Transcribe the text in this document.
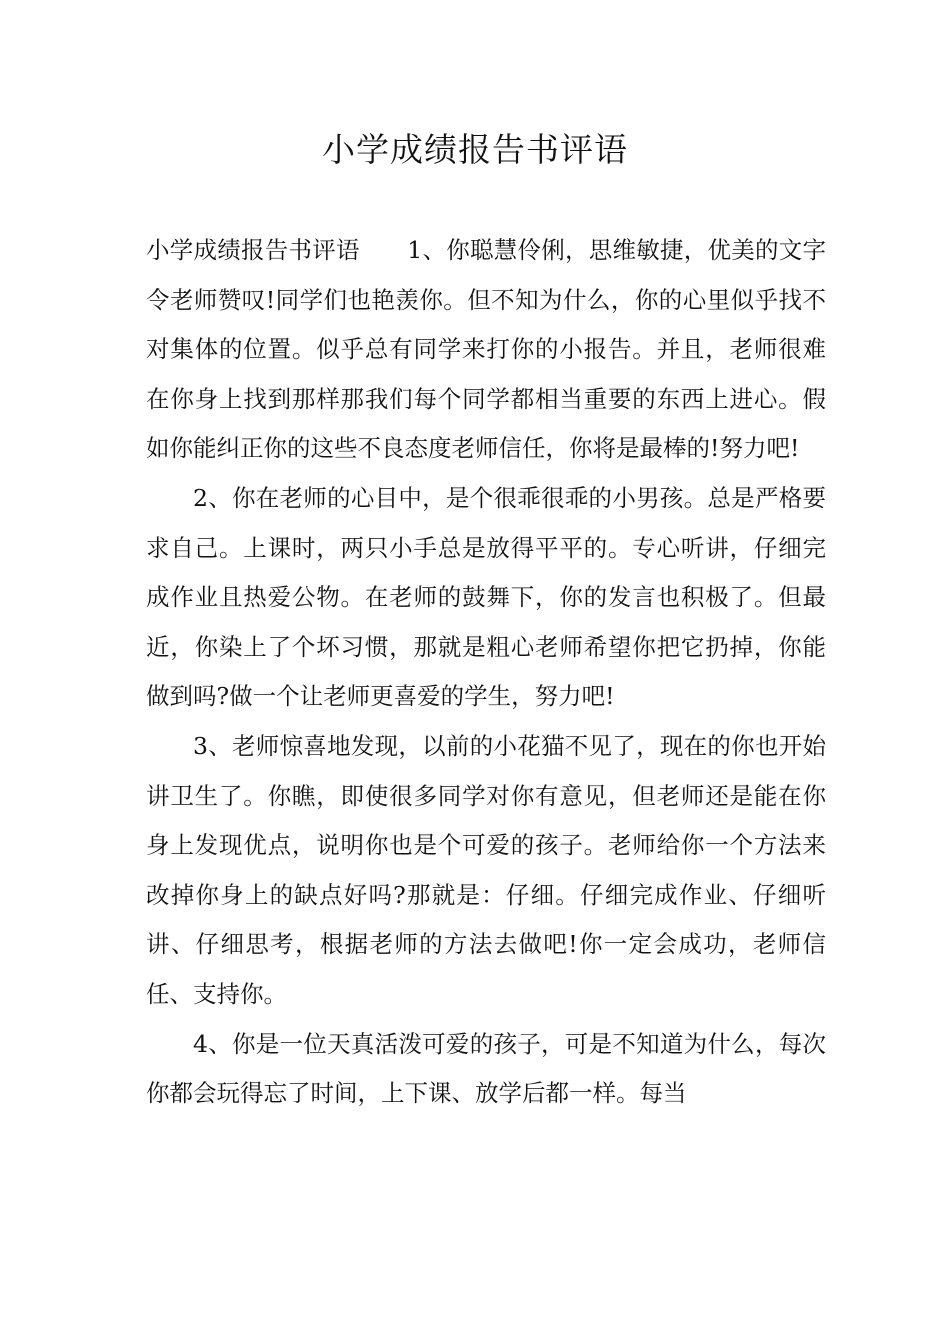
小学成绩报告书评语

小学成绩报告书评语　　1、你聪慧伶俐，思维敏捷，优美的文字令老师赞叹!同学们也艳羡你。但不知为什么，你的心里似乎找不对集体的位置。似乎总有同学来打你的小报告。并且，老师很难在你身上找到那样那我们每个同学都相当重要的东西上进心。假如你能纠正你的这些不良态度老师信任，你将是最棒的!努力吧!

2、你在老师的心目中，是个很乖很乖的小男孩。总是严格要求自己。上课时，两只小手总是放得平平的。专心听讲，仔细完成作业且热爱公物。在老师的鼓舞下，你的发言也积极了。但最近，你染上了个坏习惯，那就是粗心老师希望你把它扔掉，你能做到吗?做一个让老师更喜爱的学生，努力吧!

3、老师惊喜地发现，以前的小花猫不见了，现在的你也开始讲卫生了。你瞧，即使很多同学对你有意见，但老师还是能在你身上发现优点，说明你也是个可爱的孩子。老师给你一个方法来改掉你身上的缺点好吗?那就是：仔细。仔细完成作业、仔细听讲、仔细思考，根据老师的方法去做吧!你一定会成功，老师信任、支持你。

4、你是一位天真活泼可爱的孩子，可是不知道为什么，每次你都会玩得忘了时间，上下课、放学后都一样。每当
